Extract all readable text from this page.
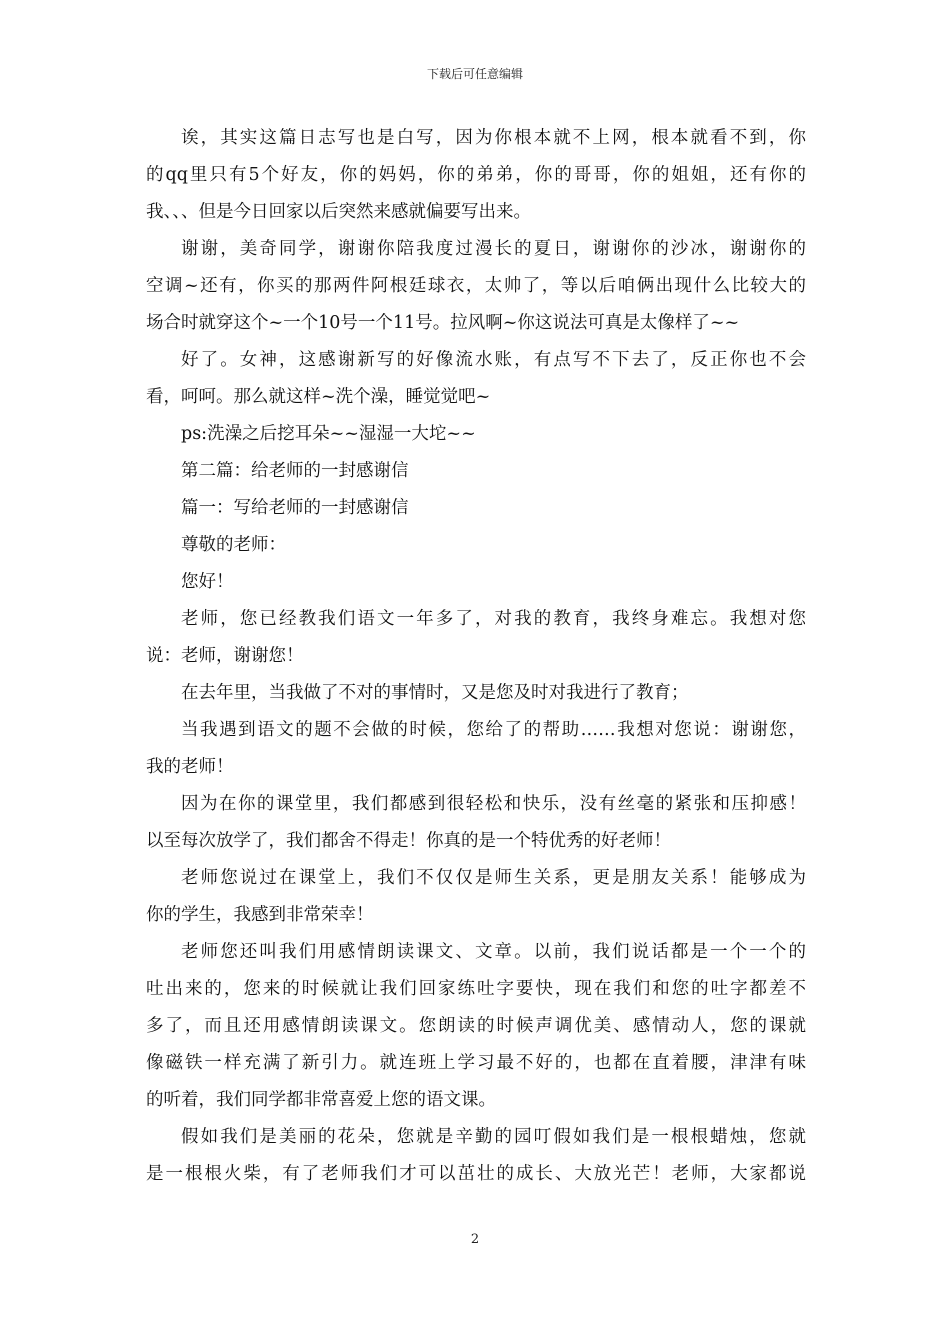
下载后可任意编辑
诶，其实这篇日志写也是白写，因为你根本就不上网，根本就看不到，你
的qq里只有5个好友，你的妈妈，你的弟弟，你的哥哥，你的姐姐，还有你的
我、、、但是今日回家以后突然来感就偏要写出来。
谢谢，美奇同学，谢谢你陪我度过漫长的夏日，谢谢你的沙冰，谢谢你的
空调~还有，你买的那两件阿根廷球衣，太帅了，等以后咱俩出现什么比较大的
场合时就穿这个~一个10号一个11号。拉风啊~你这说法可真是太像样了~~
好了。女神，这感谢新写的好像流水账，有点写不下去了，反正你也不会
看，呵呵。那么就这样~洗个澡，睡觉觉吧~
ps:洗澡之后挖耳朵~~湿湿一大坨~~
第二篇：给老师的一封感谢信
篇一：写给老师的一封感谢信
尊敬的老师：
您好！
老师，您已经教我们语文一年多了，对我的教育，我终身难忘。我想对您
说：老师，谢谢您！
在去年里，当我做了不对的事情时，又是您及时对我进行了教育；
当我遇到语文的题不会做的时候，您给了的帮助……我想对您说：谢谢您，
我的老师！
因为在你的课堂里，我们都感到很轻松和快乐，没有丝毫的紧张和压抑感！
以至每次放学了，我们都舍不得走！你真的是一个特优秀的好老师！
老师您说过在课堂上，我们不仅仅是师生关系，更是朋友关系！能够成为
你的学生，我感到非常荣幸！
老师您还叫我们用感情朗读课文、文章。以前，我们说话都是一个一个的
吐出来的，您来的时候就让我们回家练吐字要快，现在我们和您的吐字都差不
多了，而且还用感情朗读课文。您朗读的时候声调优美、感情动人，您的课就
像磁铁一样充满了新引力。就连班上学习最不好的，也都在直着腰，津津有味
的听着，我们同学都非常喜爱上您的语文课。
假如我们是美丽的花朵，您就是辛勤的园叮假如我们是一根根蜡烛，您就
是一根根火柴，有了老师我们才可以茁壮的成长、大放光芒！老师，大家都说
2
